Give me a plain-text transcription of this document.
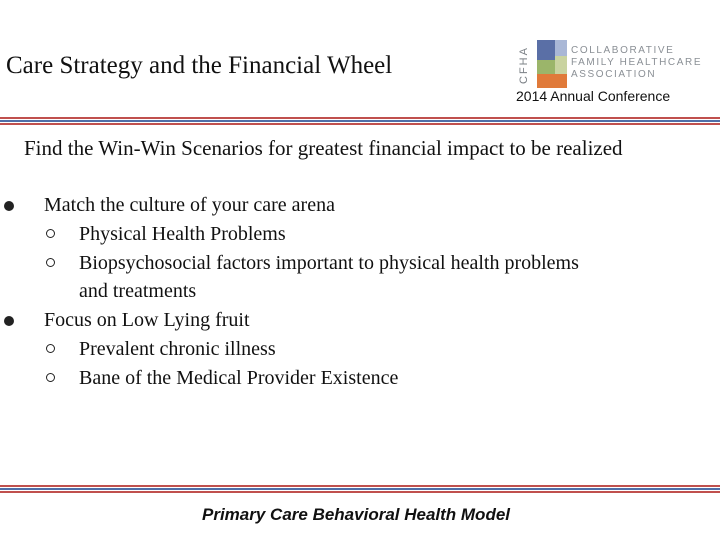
Care Strategy and the Financial Wheel	CFHA	COLLABORATIVE
FAMILY HEALTHCARE
ASSOCIATION
2014 Annual Conference
Find the Win-Win Scenarios for greatest financial impact to be realized
Match the culture of your care arena
Physical Health Problems
Biopsychosocial factors important to physical health problems
and treatments
Focus on Low Lying fruit
Prevalent chronic illness
Bane of the Medical Provider Existence
Primary Care Behavioral Health Model
